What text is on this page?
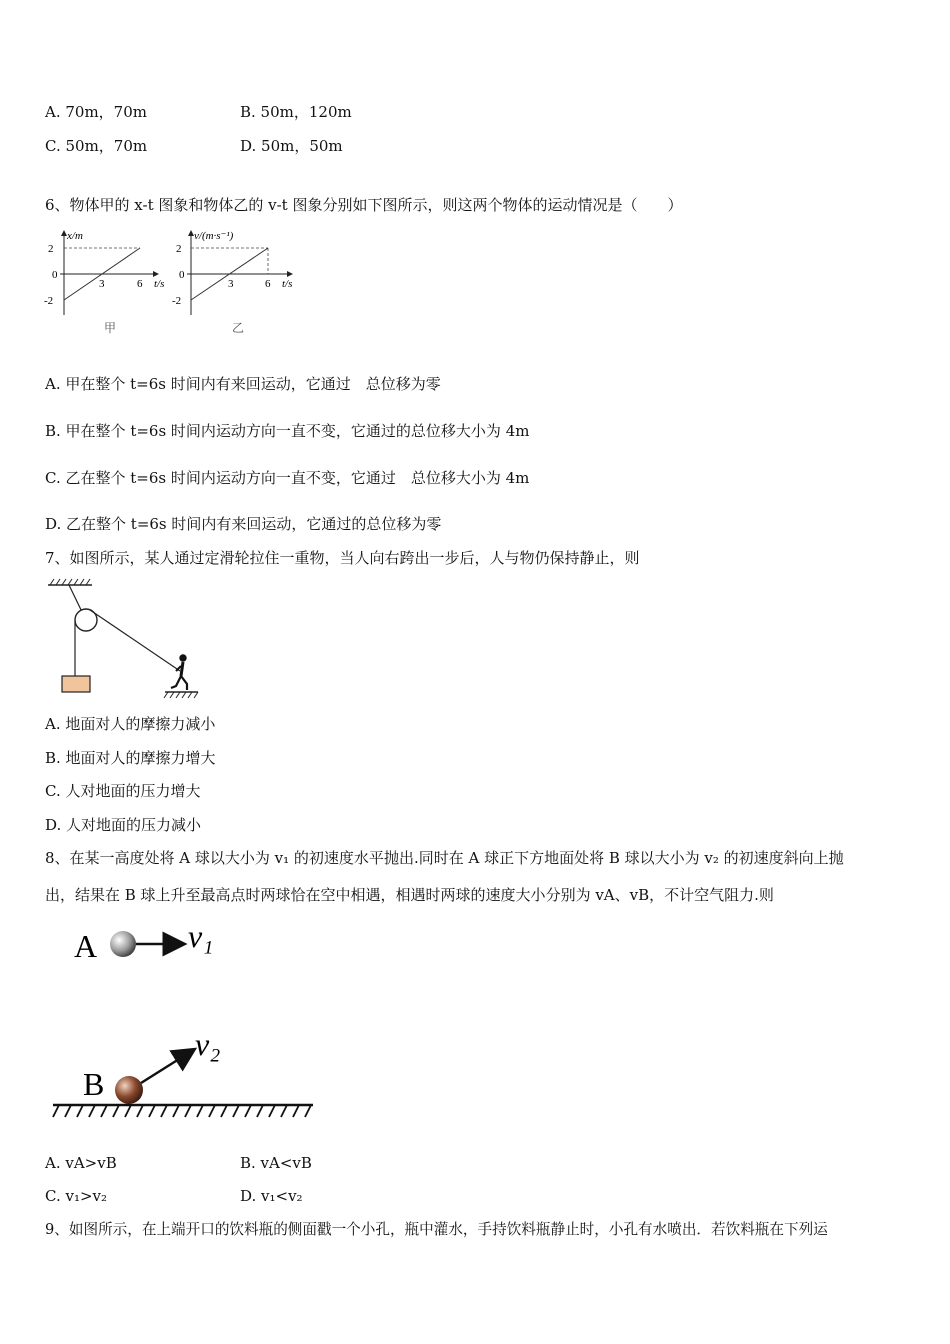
A. 70m，70m	B. 50m，120m
C. 50m，70m	D. 50m，50m
6、物体甲的 x-t 图象和物体乙的 v-t 图象分别如下图所示，则这两个物体的运动情况是（　　）
x/m
2
0
-2
3	6 t/s
甲
v/(m·s⁻¹)
2
0
-2
3	6 t/s
乙
A. 甲在整个 t=6s 时间内有来回运动，它通过　总位移为零
B. 甲在整个 t=6s 时间内运动方向一直不变，它通过的总位移大小为 4m
C. 乙在整个 t=6s 时间内运动方向一直不变，它通过　总位移大小为 4m
D. 乙在整个 t=6s 时间内有来回运动，它通过的总位移为零
7、如图所示，某人通过定滑轮拉住一重物，当人向右跨出一步后，人与物仍保持静止，则
A. 地面对人的摩擦力减小
B. 地面对人的摩擦力增大
C. 人对地面的压力增大
D. 人对地面的压力减小
8、在某一高度处将 A 球以大小为 v₁ 的初速度水平抛出.同时在 A 球正下方地面处将 B 球以大小为 v₂ 的初速度斜向上抛
出，结果在 B 球上升至最高点时两球恰在空中相遇，相遇时两球的速度大小分别为 vA、vB，不计空气阻力.则
A	v₁
v₂
B
A. vA>vB	B. vA<vB
C. v₁>v₂	D. v₁<v₂
9、如图所示，在上端开口的饮料瓶的侧面戳一个小孔，瓶中灌水，手持饮料瓶静止时，小孔有水喷出．若饮料瓶在下列运
